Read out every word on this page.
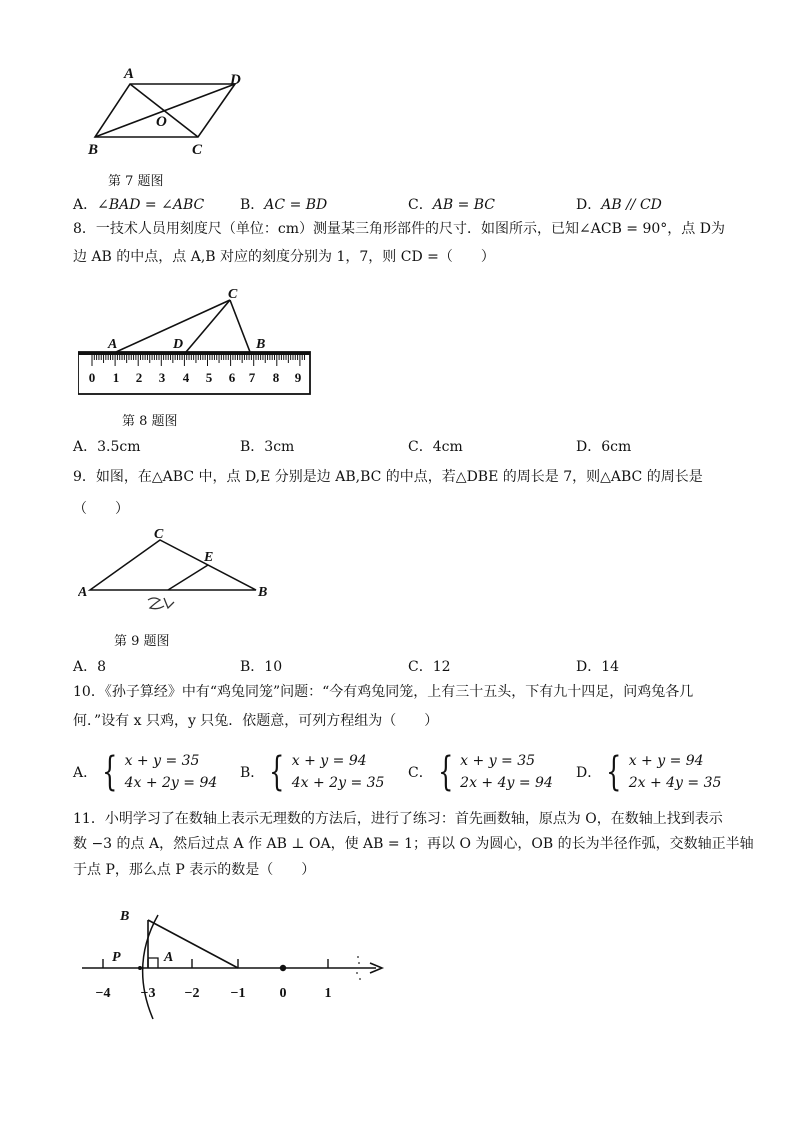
A	D
O
B	C
第 7 题图
A．∠BAD = ∠ABC	B．AC = BD	C．AB = BC	D．AB // CD
8．一技术人员用刻度尺（单位：cm）测量某三角形部件的尺寸．如图所示，已知∠ACB = 90°，点 D为
边 AB 的中点，点 A,B 对应的刻度分别为 1，7，则 CD =（　　）
0 1 2 3 4 5 6 7 8 9
C
A	D	B
第 8 题图
A．3.5cm	B．3cm	C．4cm	D．6cm
9．如图，在△ABC 中，点 D,E 分别是边 AB,BC 的中点，若△DBE 的周长是 7，则△ABC 的周长是
（　　）
C
E
A	B
第 9 题图
A．8	B．10	C．12	D．14
10．《孙子算经》中有“鸡兔同笼”问题：“今有鸡兔同笼，上有三十五头，下有九十四足，问鸡兔各几
何．”设有 x 只鸡，y 只兔．依题意，可列方程组为（　　）
A． { x + y = 35
4x + 2y = 94
B． { x + y = 94
4x + 2y = 35
C． { x + y = 35
2x + 4y = 94
D． { x + y = 94
2x + 4y = 35
11．小明学习了在数轴上表示无理数的方法后，进行了练习：首先画数轴，原点为 O，在数轴上找到表示
数 −3 的点 A，然后过点 A 作 AB ⊥ OA，使 AB = 1；再以 O 为圆心，OB 的长为半径作弧，交数轴正半轴
于点 P，那么点 P 表示的数是（　　）
B
P	A
−4 −3 −2 −1 0	1
